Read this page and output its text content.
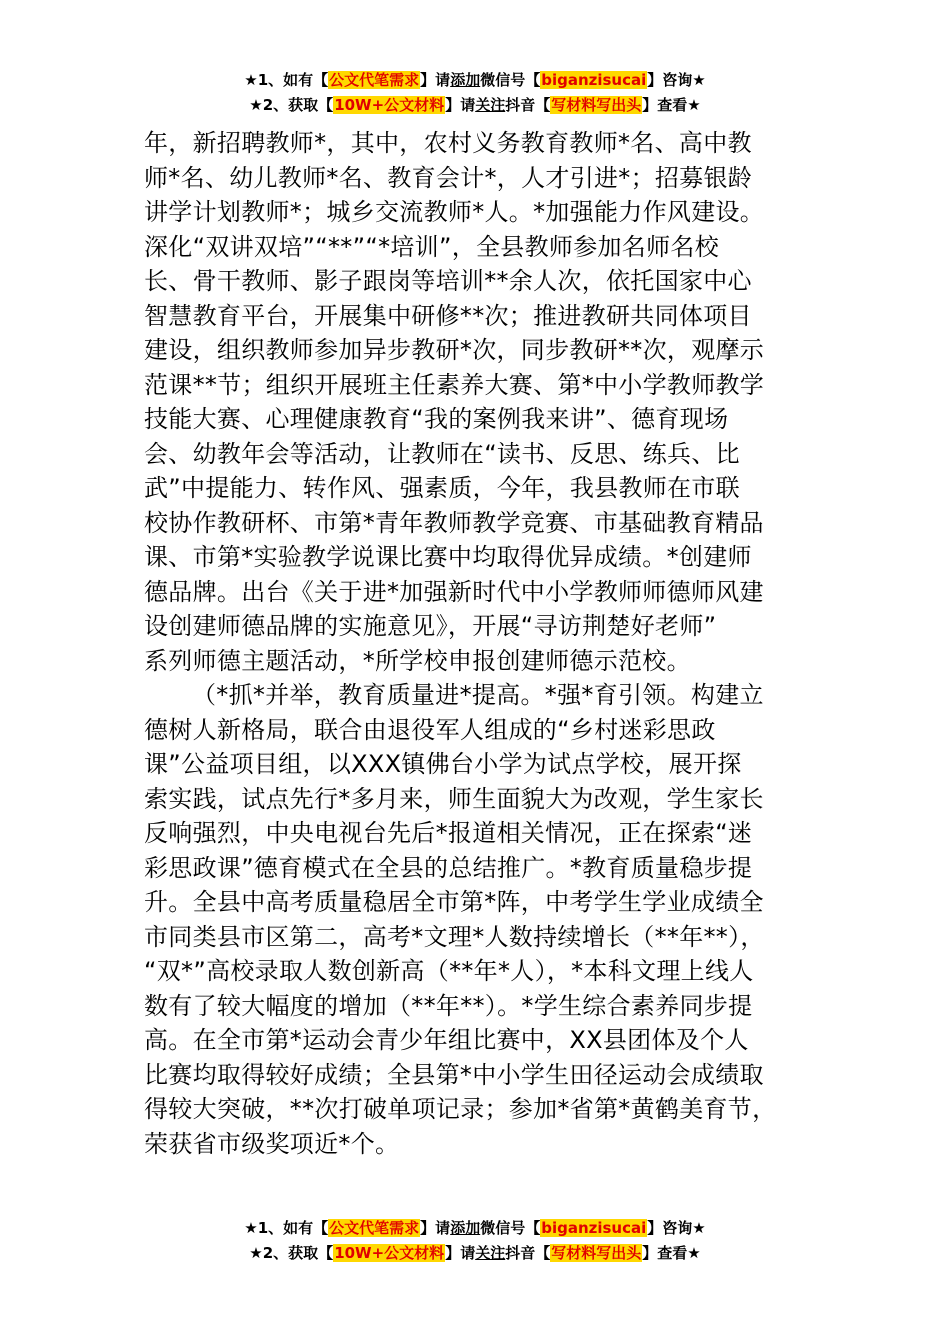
★1、如有【公文代笔需求】请添加微信号【biganzisucai】咨询★
★2、获取【10W+公文材料】请关注抖音【写材料写出头】查看★

年，新招聘教师*，其中，农村义务教育教师*名、高中教
师*名、幼儿教师*名、教育会计*，人才引进*；招募银龄
讲学计划教师*；城乡交流教师*人。*加强能力作风建设。
深化“双讲双培”“**”“*培训”，全县教师参加名师名校
长、骨干教师、影子跟岗等培训**余人次，依托国家中心
智慧教育平台，开展集中研修**次；推进教研共同体项目
建设，组织教师参加异步教研*次，同步教研**次，观摩示
范课**节；组织开展班主任素养大赛、第*中小学教师教学
技能大赛、心理健康教育“我的案例我来讲”、德育现场
会、幼教年会等活动，让教师在“读书、反思、练兵、比
武”中提能力、转作风、强素质，今年，我县教师在市联
校协作教研杯、市第*青年教师教学竞赛、市基础教育精品
课、市第*实验教学说课比赛中均取得优异成绩。*创建师
德品牌。出台《关于进*加强新时代中小学教师师德师风建
设创建师德品牌的实施意见》，开展“寻访荆楚好老师”
系列师德主题活动，*所学校申报创建师德示范校。

（*抓*并举，教育质量进*提高。*强*育引领。构建立
德树人新格局，联合由退役军人组成的“乡村迷彩思政
课”公益项目组，以XXX镇佛台小学为试点学校，展开探
索实践，试点先行*多月来，师生面貌大为改观，学生家长
反响强烈，中央电视台先后*报道相关情况，正在探索“迷
彩思政课”德育模式在全县的总结推广。*教育质量稳步提
升。全县中高考质量稳居全市第*阵，中考学生学业成绩全
市同类县市区第二，高考*文理*人数持续增长（**年**），
“双*”高校录取人数创新高（**年*人），*本科文理上线人
数有了较大幅度的增加（**年**）。*学生综合素养同步提
高。在全市第*运动会青少年组比赛中，XX县团体及个人
比赛均取得较好成绩；全县第*中小学生田径运动会成绩取
得较大突破，**次打破单项记录；参加*省第*黄鹤美育节，
荣获省市级奖项近*个。

★1、如有【公文代笔需求】请添加微信号【biganzisucai】咨询★
★2、获取【10W+公文材料】请关注抖音【写材料写出头】查看★
